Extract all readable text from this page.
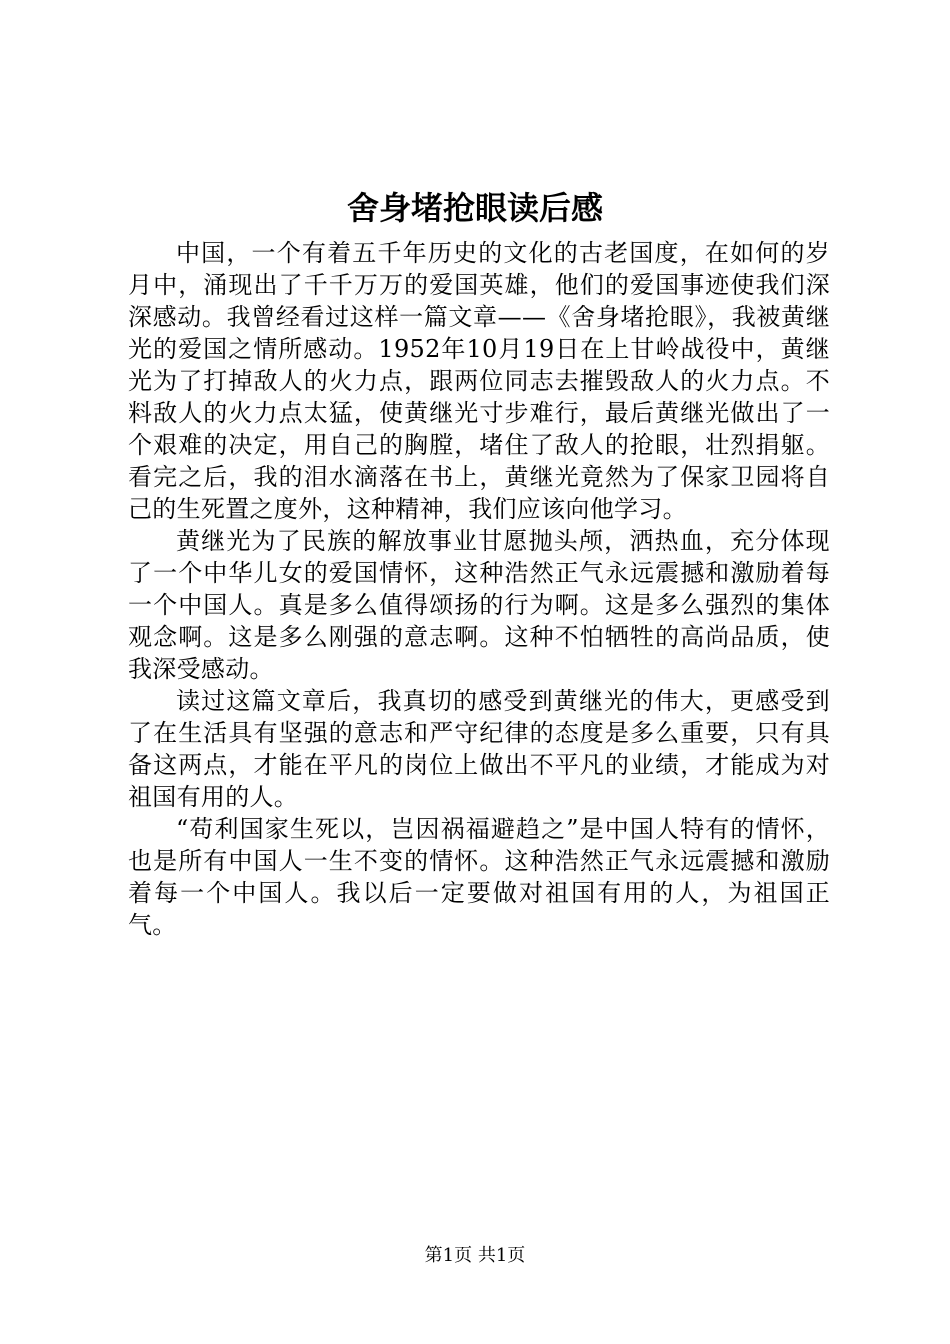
舍身堵抢眼读后感

中国，一个有着五千年历史的文化的古老国度，在如何的岁月中，涌现出了千千万万的爱国英雄，他们的爱国事迹使我们深深感动。我曾经看过这样一篇文章——《舍身堵抢眼》，我被黄继光的爱国之情所感动。1952年10月19日在上甘岭战役中，黄继光为了打掉敌人的火力点，跟两位同志去摧毁敌人的火力点。不料敌人的火力点太猛，使黄继光寸步难行，最后黄继光做出了一个艰难的决定，用自己的胸膛，堵住了敌人的抢眼，壮烈捐躯。看完之后，我的泪水滴落在书上，黄继光竟然为了保家卫园将自己的生死置之度外，这种精神，我们应该向他学习。

黄继光为了民族的解放事业甘愿抛头颅，洒热血，充分体现了一个中华儿女的爱国情怀，这种浩然正气永远震撼和激励着每一个中国人。真是多么值得颂扬的行为啊。这是多么强烈的集体观念啊。这是多么刚强的意志啊。这种不怕牺牲的高尚品质，使我深受感动。

读过这篇文章后，我真切的感受到黄继光的伟大，更感受到了在生活具有坚强的意志和严守纪律的态度是多么重要，只有具备这两点，才能在平凡的岗位上做出不平凡的业绩，才能成为对祖国有用的人。

“苟利国家生死以，岂因祸福避趋之”是中国人特有的情怀，也是所有中国人一生不变的情怀。这种浩然正气永远震撼和激励着每一个中国人。我以后一定要做对祖国有用的人，为祖国正气。

第1页 共1页
